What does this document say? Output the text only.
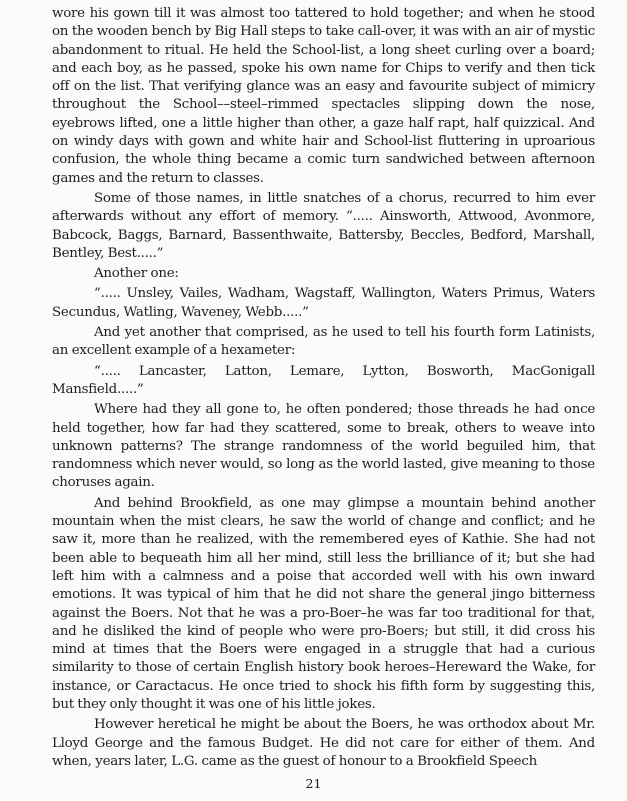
wore his gown till it was almost too tattered to hold together; and when he stood on the wooden bench by Big Hall steps to take call-over, it was with an air of mystic abandonment to ritual. He held the School-list, a long sheet curling over a board; and each boy, as he passed, spoke his own name for Chips to verify and then tick off on the list. That verifying glance was an easy and favourite subject of mimicry throughout the School––steel–rimmed spectacles slipping down the nose, eyebrows lifted, one a little higher than other, a gaze half rapt, half quizzical. And on windy days with gown and white hair and School-list fluttering in uproarious confusion, the whole thing became a comic turn sandwiched between afternoon games and the return to classes.

Some of those names, in little snatches of a chorus, recurred to him ever afterwards without any effort of memory. “..... Ainsworth, Attwood, Avonmore, Babcock, Baggs, Barnard, Bassenthwaite, Battersby, Beccles, Bedford, Marshall, Bentley, Best.....”

Another one:

“..... Unsley, Vailes, Wadham, Wagstaff, Wallington, Waters Primus, Waters Secundus, Watling, Waveney, Webb.....”

And yet another that comprised, as he used to tell his fourth form Latinists, an excellent example of a hexameter:

“..... Lancaster, Latton, Lemare, Lytton, Bosworth, MacGonigall Mansfield.....”

Where had they all gone to, he often pondered; those threads he had once held together, how far had they scattered, some to break, others to weave into unknown patterns? The strange randomness of the world beguiled him, that randomness which never would, so long as the world lasted, give meaning to those choruses again.

And behind Brookfield, as one may glimpse a mountain behind another mountain when the mist clears, he saw the world of change and conflict; and he saw it, more than he realized, with the remembered eyes of Kathie. She had not been able to bequeath him all her mind, still less the brilliance of it; but she had left him with a calmness and a poise that accorded well with his own inward emotions. It was typical of him that he did not share the general jingo bitterness against the Boers. Not that he was a pro-Boer–he was far too traditional for that, and he disliked the kind of people who were pro-Boers; but still, it did cross his mind at times that the Boers were engaged in a struggle that had a curious similarity to those of certain English history book heroes–Hereward the Wake, for instance, or Caractacus. He once tried to shock his fifth form by suggesting this, but they only thought it was one of his little jokes.

However heretical he might be about the Boers, he was orthodox about Mr. Lloyd George and the famous Budget. He did not care for either of them. And when, years later, L.G. came as the guest of honour to a Brookfield Speech

21
